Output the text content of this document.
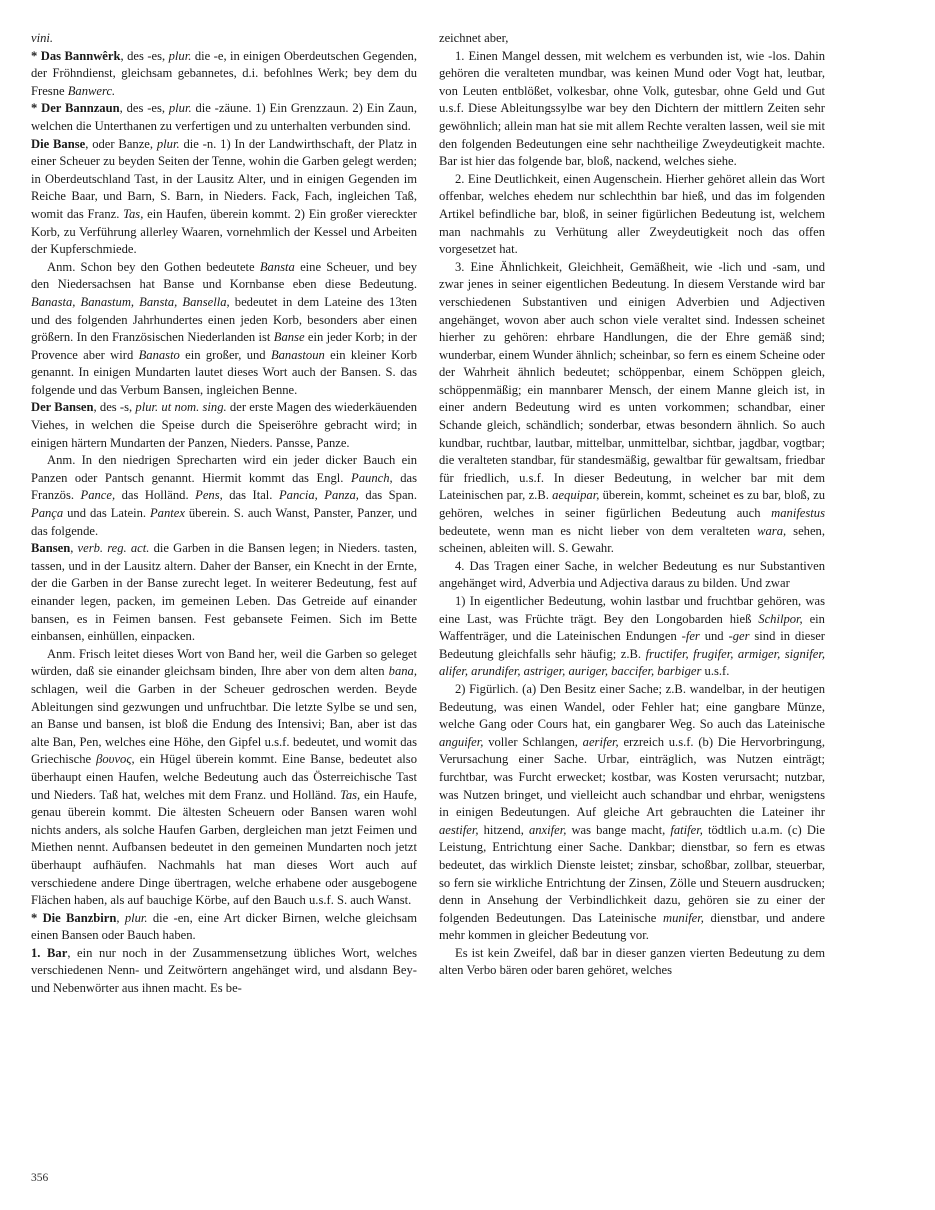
vini.

* Das Bannwêrk, des -es, plur. die -e, in einigen Oberdeutschen Gegenden, der Fröhndienst, gleichsam gebannetes, d.i. befohlnes Werk; bey dem du Fresne Banwerc.

* Der Bannzaun, des -es, plur. die -zäune. 1) Ein Grenzzaun. 2) Ein Zaun, welchen die Unterthanen zu verfertigen und zu unterhalten verbunden sind.

Die Banse, oder Banze, plur. die -n. 1) In der Landwirthschaft, der Platz in einer Scheuer zu beyden Seiten der Tenne, wohin die Garben gelegt werden; in Oberdeutschland Tast, in der Lausitz Alter, und in einigen Gegenden im Reiche Baar, und Barn, S. Barn, in Nieders. Fack, Fach, ingleichen Taß, womit das Franz. Tas, ein Haufen, überein kommt. 2) Ein großer viereckter Korb, zu Verführung allerley Waaren, vornehmlich der Kessel und Arbeiten der Kupferschmiede.

Anm. Schon bey den Gothen bedeutete Bansta eine Scheuer, und bey den Niedersachsen hat Banse und Kornbanse eben diese Bedeutung. Banasta, Banastum, Bansta, Bansella, bedeutet in dem Lateine des 13ten und des folgenden Jahrhundertes einen jeden Korb, besonders aber einen größern. In den Französischen Niederlanden ist Banse ein jeder Korb; in der Provence aber wird Banasto ein großer, und Banastoun ein kleiner Korb genannt. In einigen Mundarten lautet dieses Wort auch der Bansen. S. das folgende und das Verbum Bansen, ingleichen Benne.

Der Bansen, des -s, plur. ut nom. sing. der erste Magen des wiederkäuenden Viehes, in welchen die Speise durch die Speiseröhre gebracht wird; in einigen härtern Mundarten der Panzen, Nieders. Pansse, Panze.

Anm. In den niedrigen Sprecharten wird ein jeder dicker Bauch ein Panzen oder Pantsch genannt. Hiermit kommt das Engl. Paunch, das Französ. Pance, das Holländ. Pens, das Ital. Pancia, Panza, das Span. Pança und das Latein. Pantex überein. S. auch Wanst, Panster, Panzer, und das folgende.

Bansen, verb. reg. act. die Garben in die Bansen legen; in Nieders. tasten, tassen, und in der Lausitz altern. Daher der Banser, ein Knecht in der Ernte, der die Garben in der Banse zurecht leget. In weiterer Bedeutung, fest auf einander legen, packen, im gemeinen Leben. Das Getreide auf einander bansen, es in Feimen bansen. Fest gebansete Feimen. Sich im Bette einbansen, einhüllen, einpacken.

Anm. Frisch leitet dieses Wort von Band her, weil die Garben so geleget würden, daß sie einander gleichsam binden, Ihre aber von dem alten bana, schlagen, weil die Garben in der Scheuer gedroschen werden. Beyde Ableitungen sind gezwungen und unfruchtbar. Die letzte Sylbe se und sen, an Banse und bansen, ist bloß die Endung des Intensivi; Ban, aber ist das alte Ban, Pen, welches eine Höhe, den Gipfel u.s.f. bedeutet, und womit das Griechische βουνος, ein Hügel überein kommt. Eine Banse, bedeutet also überhaupt einen Haufen, welche Bedeutung auch das Österreichische Tast und Nieders. Taß hat, welches mit dem Franz. und Holländ. Tas, ein Haufe, genau überein kommt. Die ältesten Scheuern oder Bansen waren wohl nichts anders, als solche Haufen Garben, dergleichen man jetzt Feimen und Miethen nennt. Aufbansen bedeutet in den gemeinen Mundarten noch jetzt überhaupt aufhäufen. Nachmahls hat man dieses Wort auch auf verschiedene andere Dinge übertragen, welche erhabene oder ausgebogene Flächen haben, als auf bauchige Körbe, auf den Bauch u.s.f. S. auch Wanst.

* Die Banzbirn, plur. die -en, eine Art dicker Birnen, welche gleichsam einen Bansen oder Bauch haben.

1. Bar, ein nur noch in der Zusammensetzung übliches Wort, welches verschiedenen Nenn- und Zeitwörtern angehänget wird, und alsdann Bey- und Nebenwörter aus ihnen macht. Es be-

zeichnet aber,

1. Einen Mangel dessen, mit welchem es verbunden ist, wie -los. Dahin gehören die veralteten mundbar, was keinen Mund oder Vogt hat, leutbar, von Leuten entblößet, volkesbar, ohne Volk, gutesbar, ohne Geld und Gut u.s.f. Diese Ableitungssylbe war bey den Dichtern der mittlern Zeiten sehr gewöhnlich; allein man hat sie mit allem Rechte veralten lassen, weil sie mit den folgenden Bedeutungen eine sehr nachtheilige Zweydeutigkeit machte. Bar ist hier das folgende bar, bloß, nackend, welches siehe.

2. Eine Deutlichkeit, einen Augenschein. Hierher gehöret allein das Wort offenbar, welches ehedem nur schlechthin bar hieß, und das im folgenden Artikel befindliche bar, bloß, in seiner figürlichen Bedeutung ist, welchem man nachmahls zu Verhütung aller Zweydeutigkeit noch das offen vorgesetzet hat.

3. Eine Ähnlichkeit, Gleichheit, Gemäßheit, wie -lich und -sam, und zwar jenes in seiner eigentlichen Bedeutung. In diesem Verstande wird bar verschiedenen Substantiven und einigen Adverbien und Adjectiven angehänget, wovon aber auch schon viele veraltet sind. Indessen scheinet hierher zu gehören: ehrbare Handlungen, die der Ehre gemäß sind; wunderbar, einem Wunder ähnlich; scheinbar, so fern es einem Scheine oder der Wahrheit ähnlich bedeutet; schöppenbar, einem Schöppen gleich, schöppenmäßig; ein mannbarer Mensch, der einem Manne gleich ist, in einer andern Bedeutung wird es unten vorkommen; schandbar, einer Schande gleich, schändlich; sonderbar, etwas besondern ähnlich. So auch kundbar, ruchtbar, lautbar, mittelbar, unmittelbar, sichtbar, jagdbar, vogtbar; die veralteten standbar, für standesmäßig, gewaltbar für gewaltsam, friedbar für friedlich, u.s.f. In dieser Bedeutung, in welcher bar mit dem Lateinischen par, z.B. aequipar, überein, kommt, scheinet es zu bar, bloß, zu gehören, welches in seiner figürlichen Bedeutung auch manifestus bedeutete, wenn man es nicht lieber von dem veralteten wara, sehen, scheinen, ableiten will. S. Gewahr.

4. Das Tragen einer Sache, in welcher Bedeutung es nur Substantiven angehänget wird, Adverbia und Adjectiva daraus zu bilden. Und zwar

1) In eigentlicher Bedeutung, wohin lastbar und fruchtbar gehören, was eine Last, was Früchte trägt. Bey den Longobarden hieß Schilpor, ein Waffenträger, und die Lateinischen Endungen -fer und -ger sind in dieser Bedeutung gleichfalls sehr häufig; z.B. fructifer, frugifer, armiger, signifer, alifer, arundifer, astriger, auriger, baccifer, barbiger u.s.f.

2) Figürlich. (a) Den Besitz einer Sache; z.B. wandelbar, in der heutigen Bedeutung, was einen Wandel, oder Fehler hat; eine gangbare Münze, welche Gang oder Cours hat, ein gangbarer Weg. So auch das Lateinische anguifer, voller Schlangen, aerifer, erzreich u.s.f. (b) Die Hervorbringung, Verursachung einer Sache. Urbar, einträglich, was Nutzen einträgt; furchtbar, was Furcht erwecket; kostbar, was Kosten verursacht; nutzbar, was Nutzen bringet, und vielleicht auch schandbar und ehrbar, wenigstens in einigen Bedeutungen. Auf gleiche Art gebrauchten die Lateiner ihr aestifer, hitzend, anxifer, was bange macht, fatifer, tödtlich u.a.m. (c) Die Leistung, Entrichtung einer Sache. Dankbar; dienstbar, so fern es etwas bedeutet, das wirklich Dienste leistet; zinsbar, schoßbar, zollbar, steuerbar, so fern sie wirkliche Entrichtung der Zinsen, Zölle und Steuern ausdrucken; denn in Ansehung der Verbindlichkeit dazu, gehören sie zu einer der folgenden Bedeutungen. Das Lateinische munifer, dienstbar, und andere mehr kommen in gleicher Bedeutung vor.

Es ist kein Zweifel, daß bar in dieser ganzen vierten Bedeutung zu dem alten Verbo bären oder baren gehöret, welches

356
